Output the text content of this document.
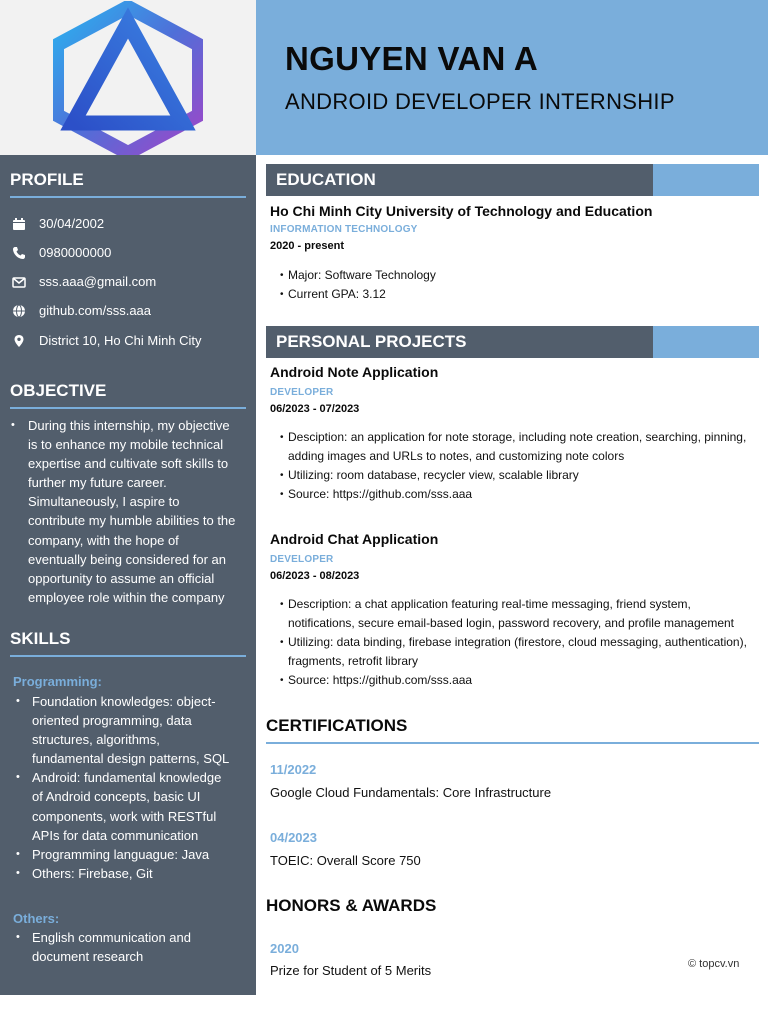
NGUYEN VAN A
ANDROID DEVELOPER INTERNSHIP
PROFILE
30/04/2002
0980000000
sss.aaa@gmail.com
github.com/sss.aaa
District 10, Ho Chi Minh City
OBJECTIVE

• During this internship, my objective

is to enhance my mobile technical

expertise and cultivate soft skills to

further my future career.

Simultaneously, I aspire to

contribute my humble abilities to the

company, with the hope of

eventually being considered for an

opportunity to assume an official

employee role within the company

SKILLS
Programming:

• Foundation knowledges: object-

oriented programming, data

structures, algorithms,

fundamental design patterns, SQL

• Android: fundamental knowledge

of Android concepts, basic UI

components, work with RESTful

APIs for data communication

• Programming languague: Java

• Others: Firebase, Git

Others:

• English communication and

document research

EDUCATION
Ho Chi Minh City University of Technology and Education
INFORMATION TECHNOLOGY
2020 - present

• Major: Software Technology

• Current GPA: 3.12

PERSONAL PROJECTS
Android Note Application
DEVELOPER
06/2023 - 07/2023

• Desciption: an application for note storage, including note creation, searching, pinning,

adding images and URLs to notes, and customizing note colors

• Utilizing: room database, recycler view, scalable library

• Source: https://github.com/sss.aaa

Android Chat Application
DEVELOPER
06/2023 - 08/2023

• Description: a chat application featuring real-time messaging, friend system,

notifications, secure email-based login, password recovery, and profile management

• Utilizing: data binding, firebase integration (firestore, cloud messaging, authentication),

fragments, retrofit library

• Source: https://github.com/sss.aaa

CERTIFICATIONS
11/2022
Google Cloud Fundamentals: Core Infrastructure
04/2023
TOEIC: Overall Score 750
HONORS & AWARDS
2020
Prize for Student of 5 Merits	© topcv.vn
